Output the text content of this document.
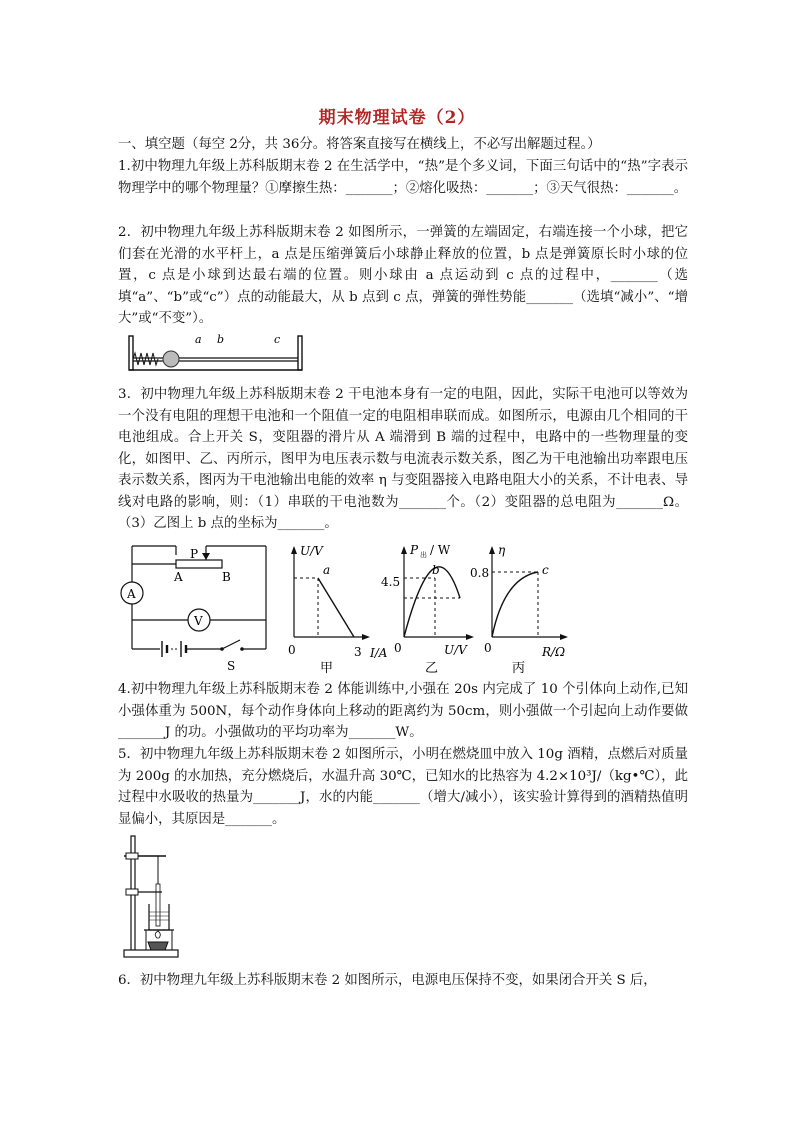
期末物理试卷（2）
一、填空题（每空 2分，共 36分。将答案直接写在横线上，不必写出解题过程。）
1.初中物理九年级上苏科版期末卷 2 在生活学中，“热”是个多义词，下面三句话中的“热”字表示物理学中的哪个物理量？①摩擦生热：_______；②熔化吸热：_______；③天气很热：_______。
2．初中物理九年级上苏科版期末卷 2 如图所示，一弹簧的左端固定，右端连接一个小球，把它们套在光滑的水平杆上，a 点是压缩弹簧后小球静止释放的位置，b 点是弹簧原长时小球的位置，c 点是小球到达最右端的位置。则小球由 a 点运动到 c 点的过程中，_______（选填“a”、“b”或“c”）点的动能最大，从 b 点到 c 点，弹簧的弹性势能_______（选填“减小”、“增大”或“不变”）。
a b	c
3．初中物理九年级上苏科版期末卷 2 干电池本身有一定的电阻，因此，实际干电池可以等效为一个没有电阻的理想干电池和一个阻值一定的电阻相串联而成。如图所示，电源由几个相同的干电池组成。合上开关 S，变阻器的滑片从 A 端滑到 B 端的过程中，电路中的一些物理量的变化，如图甲、乙、丙所示，图甲为电压表示数与电流表示数关系，图乙为干电池输出功率跟电压表示数关系，图丙为干电池输出电能的效率 η 与变阻器接入电路电阻大小的关系，不计电表、导线对电路的影响，则：（1）串联的干电池数为_______个。（2）变阻器的总电阻为_______Ω。（3）乙图上 b 点的坐标为_______。
P
A	B
A
V
S
U/V
a
0	3 I/A
甲
P 出 / W
4.5
b
0	U/V
乙
η
0.8	c
0	R/Ω
丙
4.初中物理九年级上苏科版期末卷 2 体能训练中,小强在 20s 内完成了 10 个引体向上动作,已知小强体重为 500N，每个动作身体向上移动的距离约为 50cm，则小强做一个引起向上动作要做_______J 的功。小强做功的平均功率为_______W。
5．初中物理九年级上苏科版期末卷 2 如图所示，小明在燃烧皿中放入 10g 酒精，点燃后对质量为 200g 的水加热，充分燃烧后，水温升高 30℃，已知水的比热容为 4.2×10³J/（kg•℃），此过程中水吸收的热量为_______J，水的内能_______（增大/减小），该实验计算得到的酒精热值明显偏小，其原因是_______。
6．初中物理九年级上苏科版期末卷 2 如图所示，电源电压保持不变，如果闭合开关 S 后，
